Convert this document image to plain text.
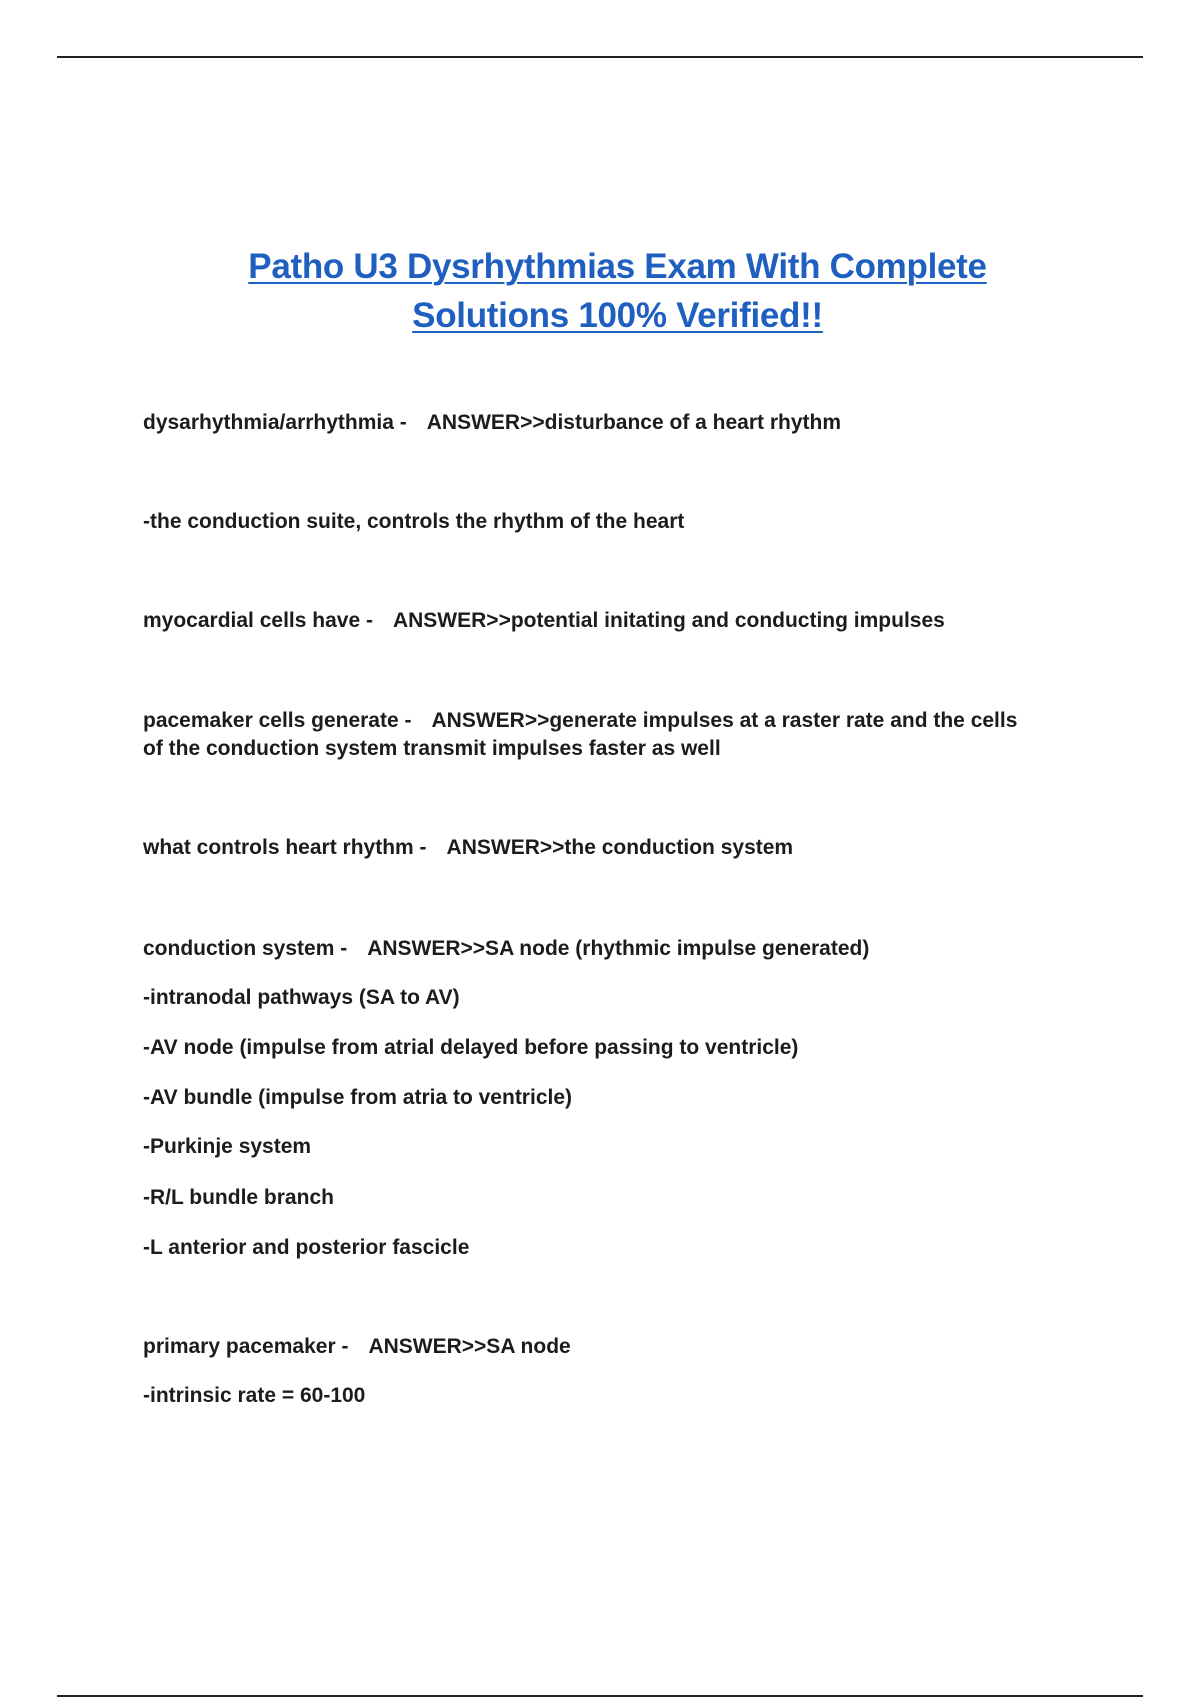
Patho U3 Dysrhythmias Exam With Complete
Solutions 100% Verified!!
dysarhythmia/arrhythmia - ANSWER>>disturbance of a heart rhythm
-the conduction suite, controls the rhythm of the heart
myocardial cells have - ANSWER>>potential initating and conducting impulses
pacemaker cells generate - ANSWER>>generate impulses at a raster rate and the cells
of the conduction system transmit impulses faster as well
what controls heart rhythm - ANSWER>>the conduction system
conduction system - ANSWER>>SA node (rhythmic impulse generated)
-intranodal pathways (SA to AV)
-AV node (impulse from atrial delayed before passing to ventricle)
-AV bundle (impulse from atria to ventricle)
-Purkinje system
-R/L bundle branch
-L anterior and posterior fascicle
primary pacemaker - ANSWER>>SA node
-intrinsic rate = 60-100
